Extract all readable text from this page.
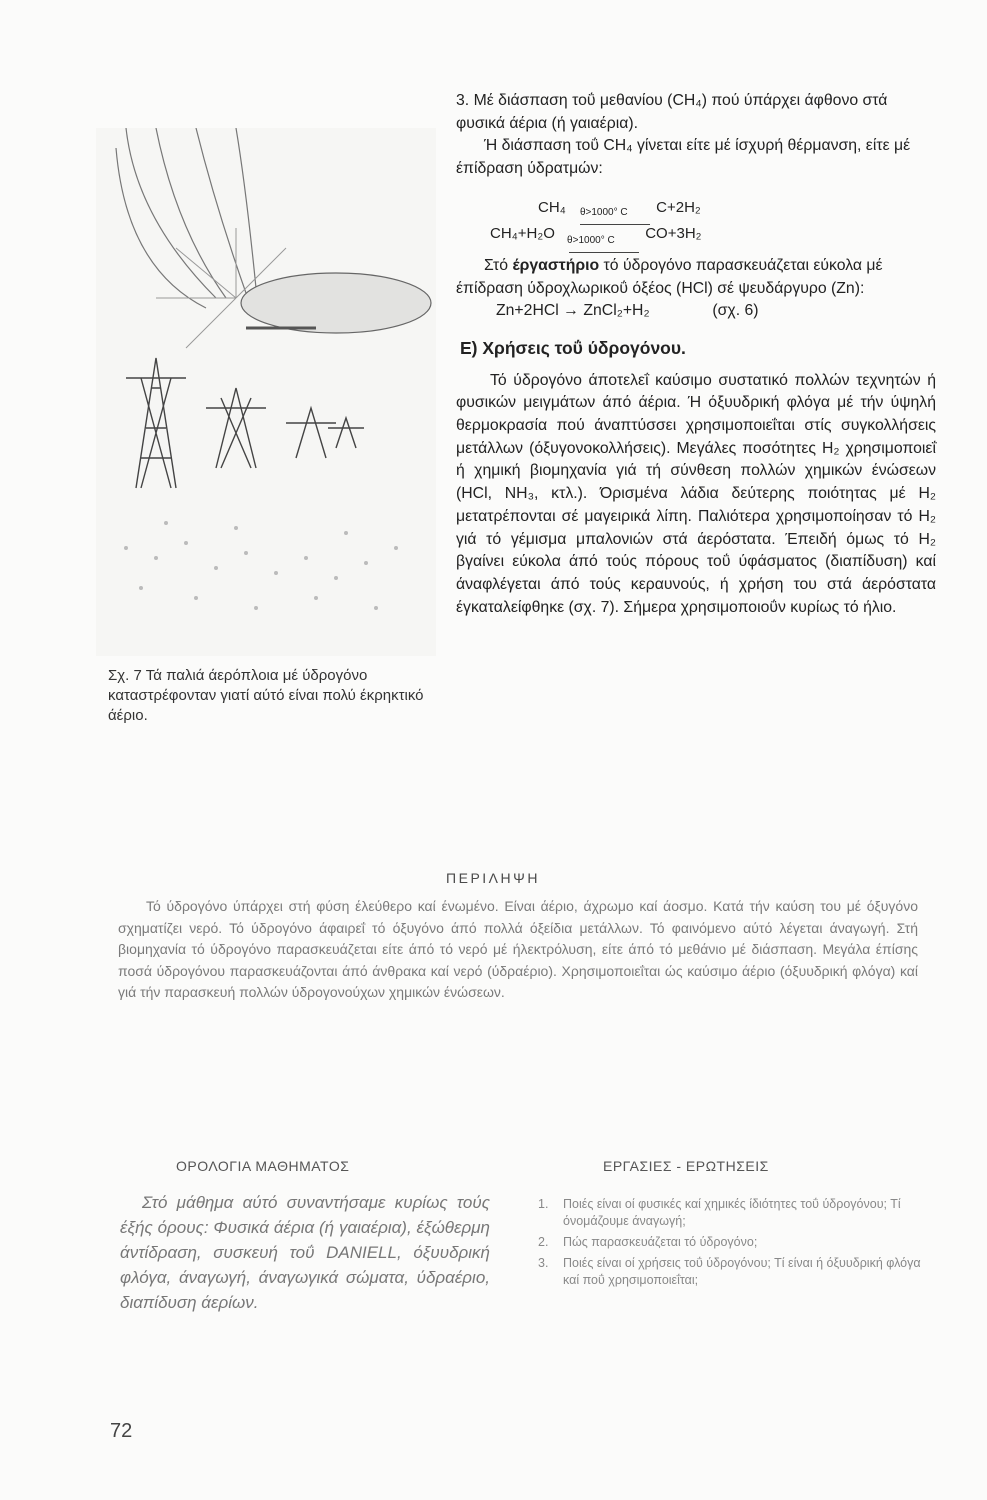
Σχ. 7 Τά παλιά άερόπλοια μέ ύδρογόνο καταστρέφονταν γιατί αύτό είναι πολύ έκρηκτικό άέριο.

3. Μέ διάσπαση τοΰ μεθανίου (CH₄) πού ύπάρχει άφθονο στά φυσικά άέρια (ή γαιαέρια).

Ή διάσπαση τοΰ CH₄ γίνεται είτε μέ ίσχυρή θέρμανση, είτε μέ έπίδραση ύδρατμών:

CH₄ θ>1000° C C+2H₂
CH₄+H₂O θ>1000° C CO+3H₂

Στό έργαστήριο τό ύδρογόνο παρασκευάζεται εύκολα μέ έπίδραση ύδροχλωρικοΰ όξέος (HCl) σέ ψευδάργυρο (Zn):

Zn+2HCl → ZnCl₂+H₂	(σχ. 6)

Ε) Χρήσεις τοΰ ύδρογόνου.

Τό ύδρογόνο άποτελεΐ καύσιμο συστατικό πολλών τεχνητών ή φυσικών μειγμάτων άπό άέρια. Ή όξυυδρική φλόγα μέ τήν ύψηλή θερμοκρασία πού άναπτύσσει χρησιμοποιεΐται στίς συγκολλήσεις μετάλλων (όξυγονοκολλήσεις). Μεγάλες ποσότητες H₂ χρησιμοποιεΐ ή χημική βιομηχανία γιά τή σύνθεση πολλών χημικών ένώσεων (HCl, NH₃, κτλ.). Όρισμένα λάδια δεύτερης ποιότητας μέ H₂ μετατρέπονται σέ μαγειρικά λίπη. Παλιότερα χρησιμοποίησαν τό H₂ γιά τό γέμισμα μπαλονιών στά άερόστατα. Έπειδή όμως τό H₂ βγαίνει εύκολα άπό τούς πόρους τοΰ ύφάσματος (διαπίδυση) καί άναφλέγεται άπό τούς κεραυνούς, ή χρήση του στά άερόστατα έγκαταλείφθηκε (σχ. 7). Σήμερα χρησιμοποιοΰν κυρίως τό ήλιο.

ΠΕΡΙΛΗΨΗ
Τό ύδρογόνο ύπάρχει στή φύση έλεύθερο καί ένωμένο. Είναι άέριο, άχρωμο καί άοσμο. Κατά τήν καύση του μέ όξυγόνο σχηματίζει νερό. Τό ύδρογόνο άφαιρεΐ τό όξυγόνο άπό πολλά όξείδια μετάλλων. Τό φαινόμενο αύτό λέγεται άναγωγή. Στή βιομηχανία τό ύδρογόνο παρασκευάζεται είτε άπό τό νερό μέ ήλεκτρόλυση, είτε άπό τό μεθάνιο μέ διάσπαση. Μεγάλα έπίσης ποσά ύδρογόνου παρασκευάζονται άπό άνθρακα καί νερό (ύδραέριο). Χρησιμοποιεΐται ώς καύσιμο άέριο (όξυυδρική φλόγα) καί γιά τήν παρασκευή πολλών ύδρογονούχων χημικών ένώσεων.
ΟΡΟΛΟΓΙΑ ΜΑΘΗΜΑΤΟΣ
Στό μάθημα αύτό συναντήσαμε κυρίως τούς έξής όρους: Φυσικά άέρια (ή γαιαέρια), έξώθερμη άντίδραση, συσκευή τοΰ DANIELL, όξυυδρική φλόγα, άναγωγή, άναγωγικά σώματα, ύδραέριο, διαπίδυση άερίων.
ΕΡΓΑΣΙΕΣ - ΕΡΩΤΗΣΕΙΣ
1. Ποιές είναι οί φυσικές καί χημικές ίδιότητες τοΰ ύδρογόνου; Τί όνομάζουμε άναγωγή;
2. Πώς παρασκευάζεται τό ύδρογόνο;
3. Ποιές είναι οί χρήσεις τοΰ ύδρογόνου; Τί είναι ή όξυυδρική φλόγα καί ποΰ χρησιμοποιεΐται;
72
